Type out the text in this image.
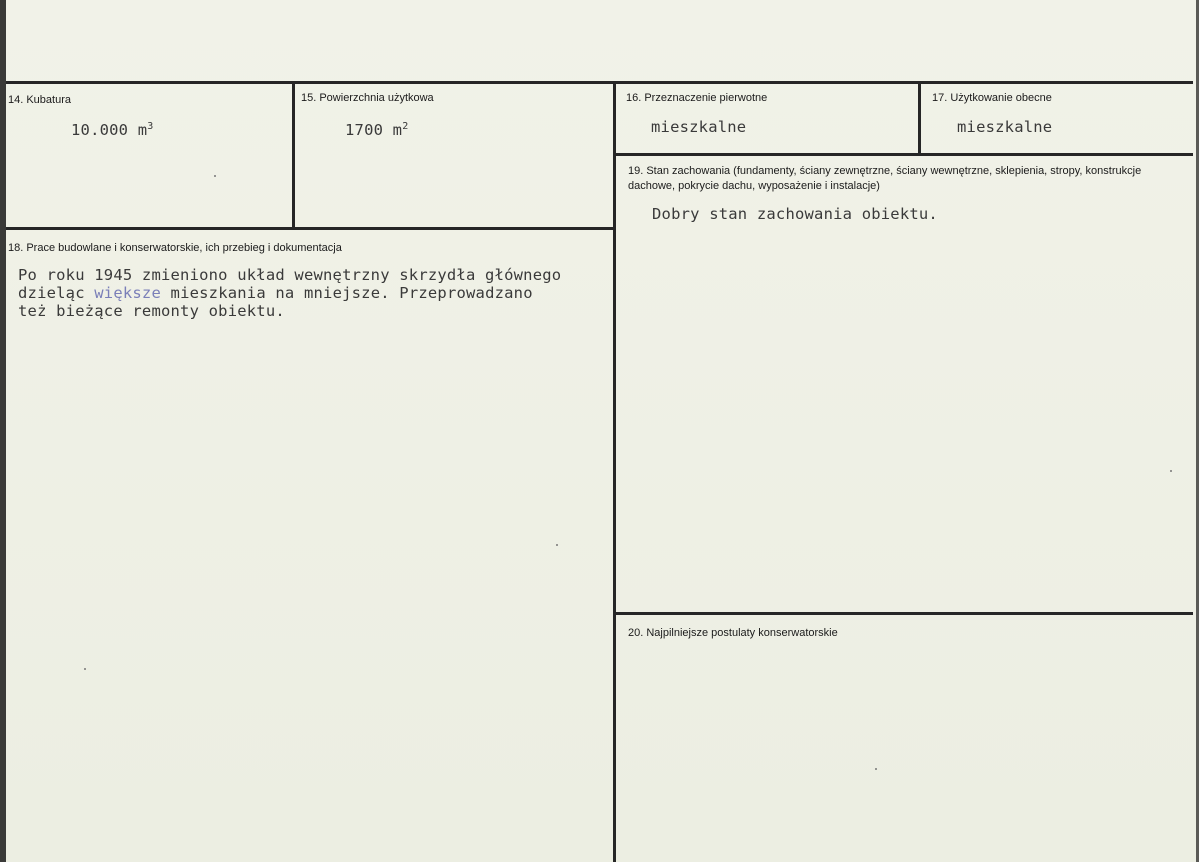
14. Kubatura
10.000 $m^3$
15. Powierzchnia użytkowa
1700 $m^2$
16. Przeznaczenie pierwotne
mieszkalne
17. Użytkowanie obecne
mieszkalne
19. Stan zachowania (fundamenty, ściany zewnętrzne, ściany wewnętrzne, sklepienia, stropy, konstrukcje dachowe, pokrycie dachu, wyposażenie i instalacje)
Dobry stan zachowania obiektu.
18. Prace budowlane i konserwatorskie, ich przebieg i dokumentacja
Po roku 1945 zmieniono układ wewnętrzny skrzydła głównego
dzieląc większe mieszkania na mniejsze. Przeprowadzano
też bieżące remonty obiektu.
20. Najpilniejsze postulaty konserwatorskie
